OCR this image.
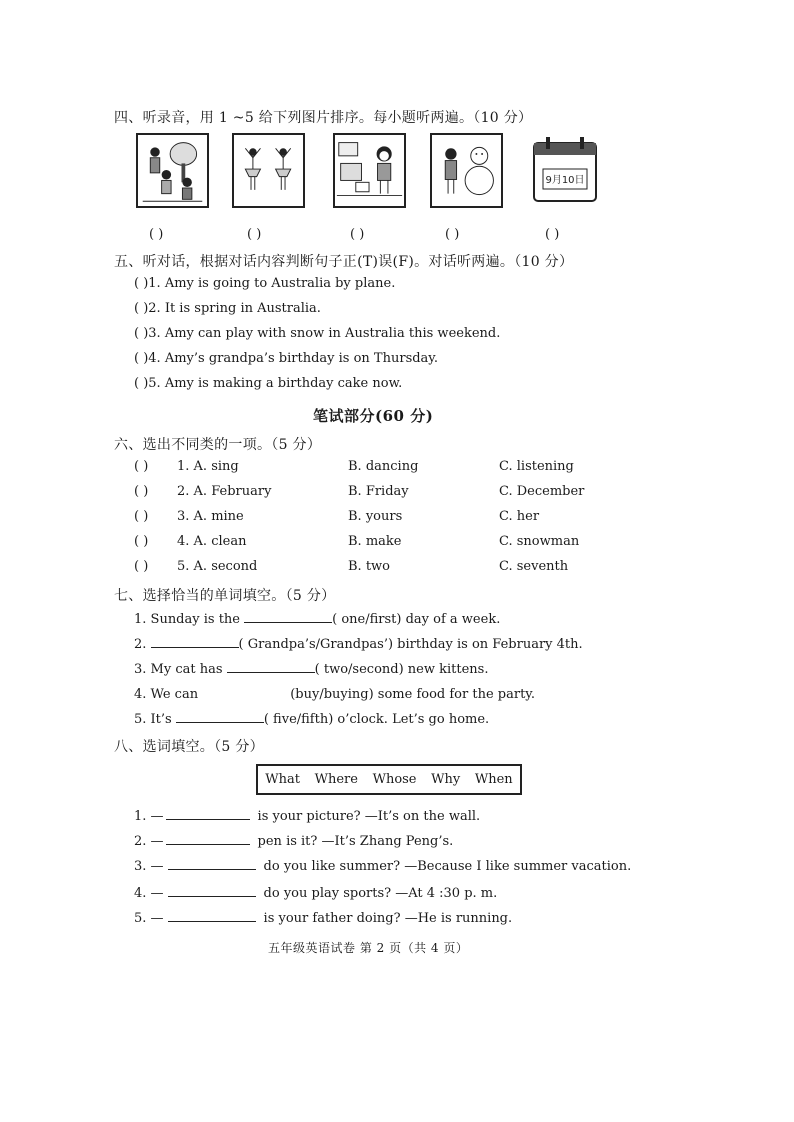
四、听录音，用 1 ~5 给下列图片排序。每小题听两遍。（10 分）
9月10日
( )	( )	( )	( )	( )
五、听对话，根据对话内容判断句子正(T)误(F)。对话听两遍。（10 分）
( )1. Amy is going to Australia by plane.
( )2. It is spring in Australia.
( )3. Amy can play with snow in Australia this weekend.
( )4. Amy’s grandpa’s birthday is on Thursday.
( )5. Amy is making a birthday cake now.
笔试部分(60 分)
六、选出不同类的一项。（5 分）
( ) 1. A. sing	B. dancing	C. listening
( ) 2. A. February	B. Friday	C. December
( ) 3. A. mine	B. yours	C. her
( ) 4. A. clean	B. make	C. snowman
( ) 5. A. second	B. two	C. seventh
七、选择恰当的单词填空。（5 分）
1. Sunday is the	( one/first) day of a week.
2.	( Grandpa’s/Grandpas’) birthday is on February 4th.
3. My cat has	( two/second) new kittens.
4. We can	(buy/buying) some food for the party.
5. It’s	( five/fifth) o’clock. Let’s go home.
八、选词填空。（5 分）
What Where Whose Why When
1. —	is your picture? —It’s on the wall.
2. —	pen is it? —It’s Zhang Peng’s.
3. —	do you like summer? —Because I like summer vacation.
4. —	do you play sports? —At 4 :30 p. m.
5. —	is your father doing? —He is running.
五年级英语试卷 第 2 页（共 4 页）
